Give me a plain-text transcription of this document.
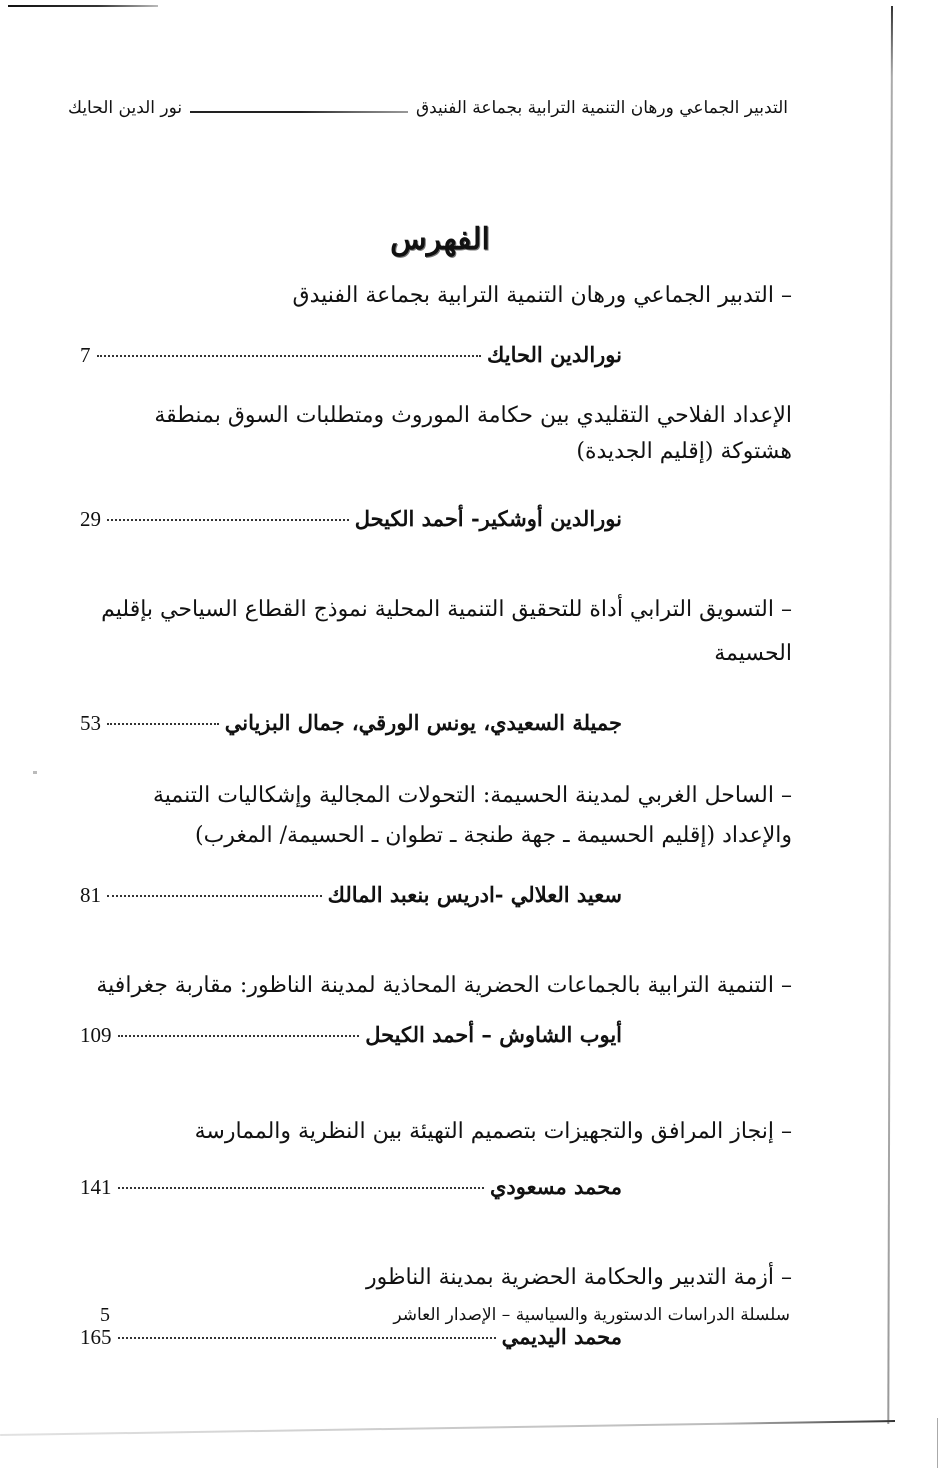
التدبير الجماعي ورهان التنمية الترابية بجماعة الفنيدق
نور الدين الحايك
الفهرس
– التدبير الجماعي ورهان التنمية الترابية بجماعة الفنيدق
نورالدين الحايك
7
الإعداد الفلاحي التقليدي بين حكامة الموروث ومتطلبات السوق بمنطقة هشتوكة (إقليم الجديدة)
نورالدين أوشكير- أحمد الكيحل
29
– التسويق الترابي أداة للتحقيق التنمية المحلية نموذج القطاع السياحي بإقليم الحسيمة
جميلة السعيدي، يونس الورقي، جمال البزياني
53
– الساحل الغربي لمدينة الحسيمة: التحولات المجالية وإشكاليات التنمية والإعداد (إقليم الحسيمة ـ جهة طنجة ـ تطوان ـ الحسيمة/ المغرب)
سعيد العلالي -ادريس بنعبد المالك
81
– التنمية الترابية بالجماعات الحضرية المحاذية لمدينة الناظور: مقاربة جغرافية
أيوب الشاوش – أحمد الكيحل
109
– إنجاز المرافق والتجهيزات بتصميم التهيئة بين النظرية والممارسة
محمد مسعودي
141
– أزمة التدبير والحكامة الحضرية بمدينة الناظور
محمد اليديمي
165
سلسلة الدراسات الدستورية والسياسية – الإصدار العاشر
5
